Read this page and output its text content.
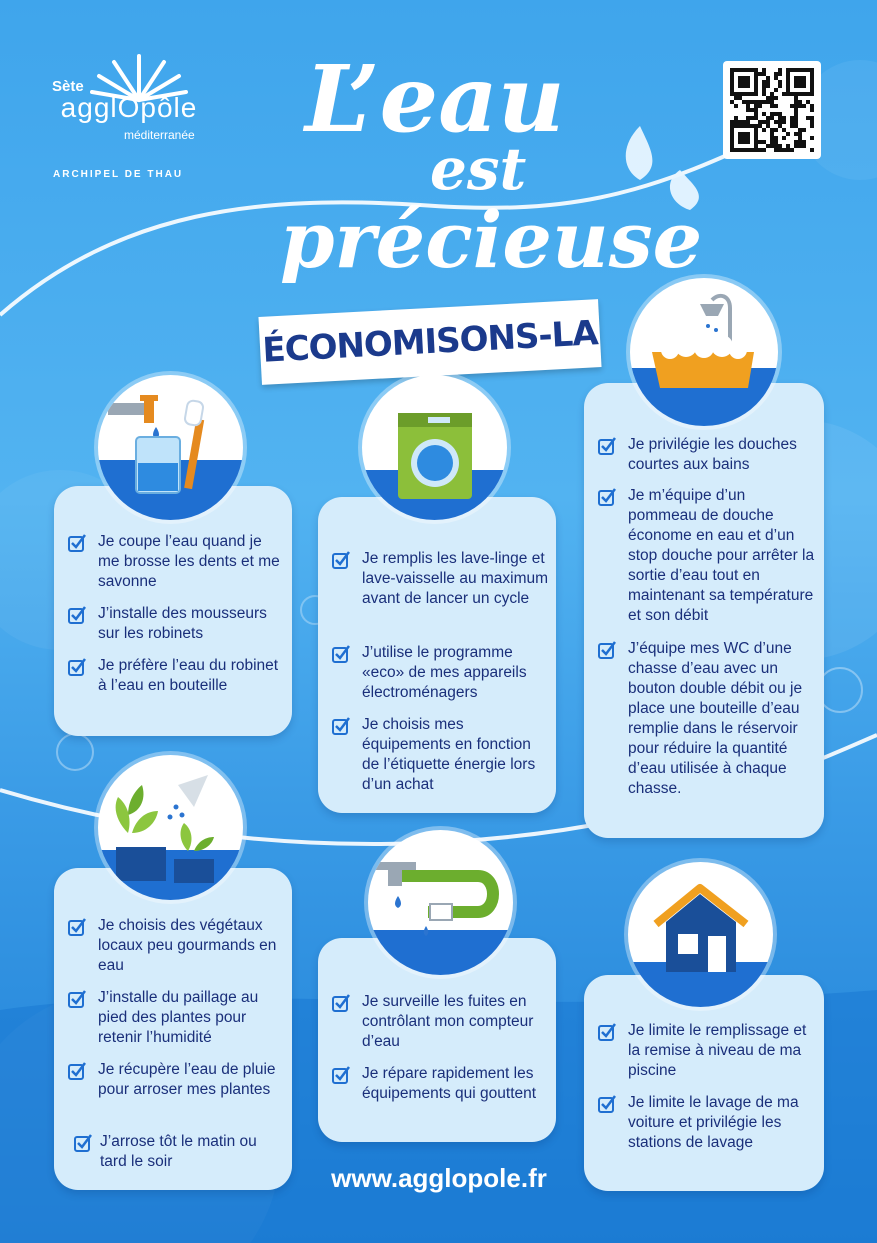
Sète
agglOpôle
méditerranée
ARCHIPEL DE THAU
L’eau
est
précieuse
ÉCONOMISONS-LA
Je coupe l’eau quand je me brosse les dents et me savonne
J’installe des mousseurs sur les robinets
Je préfère l’eau du robinet à l’eau en bouteille
Je remplis les lave-linge et lave-vaisselle au maximum avant de lancer un cycle
J’utilise le programme «eco» de mes appareils électroménagers
Je choisis mes équipements en fonction de l’étiquette énergie lors d’un achat
Je privilégie les douches courtes aux bains
Je m’équipe d’un pommeau de douche économe en eau et d’un stop douche pour arrêter la sortie d’eau tout en maintenant sa température et son débit
J’équipe mes WC d’une chasse d’eau avec un bouton double débit ou je place une bouteille d’eau remplie dans le réservoir pour réduire la quantité d’eau utilisée à chaque chasse.
Je choisis des végétaux locaux peu gourmands en eau
J’installe du paillage au pied des plantes pour retenir l’humidité
Je récupère l’eau de pluie pour arroser mes plantes
J’arrose tôt le matin ou tard le soir
Je surveille les fuites en contrôlant mon compteur d’eau
Je répare rapidement les équipements qui gouttent
Je limite le remplissage et la remise à niveau de ma piscine
Je limite le lavage de ma voiture et privilégie les stations de lavage
www.agglopole.fr
